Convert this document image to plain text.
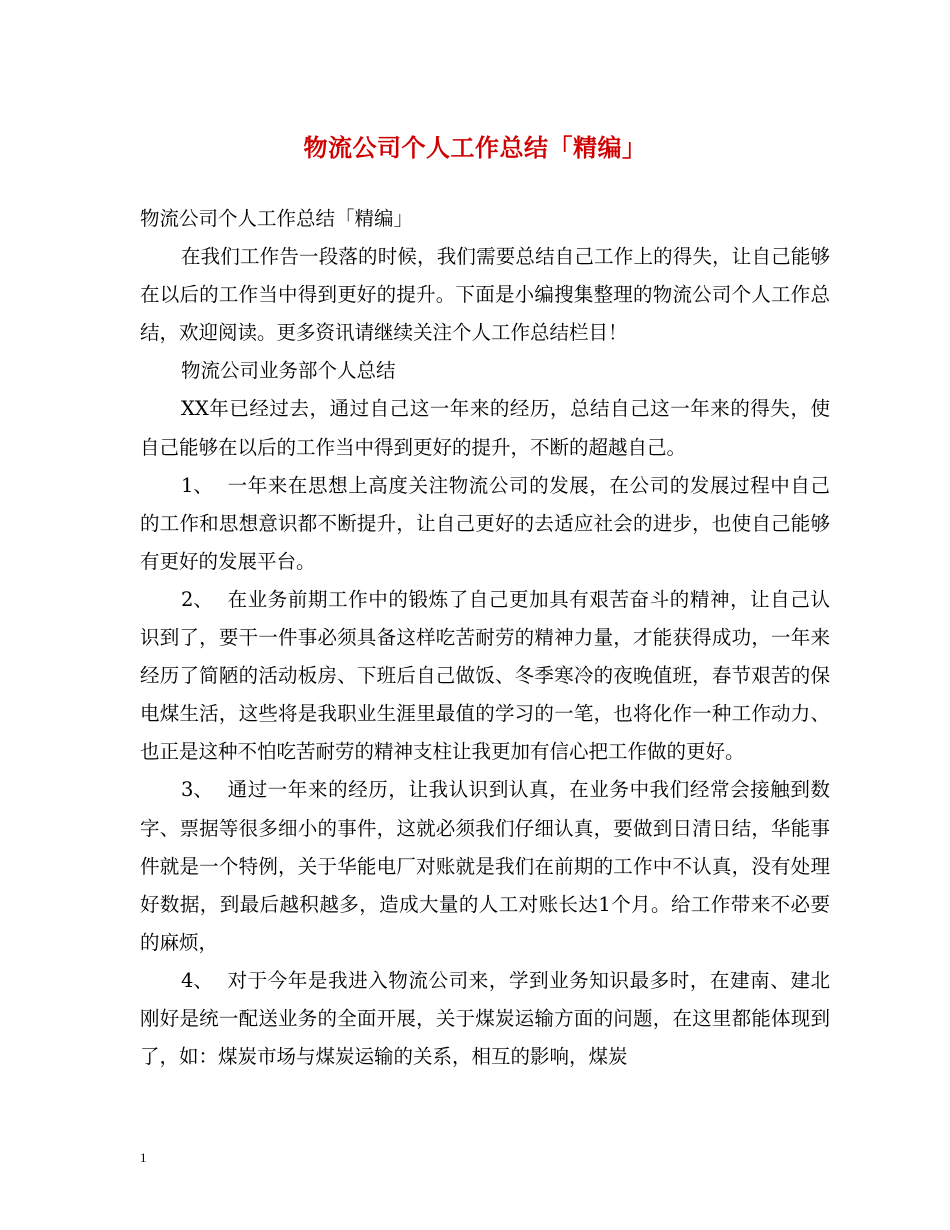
物流公司个人工作总结「精编」

物流公司个人工作总结「精编」

在我们工作告一段落的时候，我们需要总结自己工作上的得失，让自己能够在以后的工作当中得到更好的提升。下面是小编搜集整理的物流公司个人工作总结，欢迎阅读。更多资讯请继续关注个人工作总结栏目！

物流公司业务部个人总结

XX年已经过去，通过自己这一年来的经历，总结自己这一年来的得失，使自己能够在以后的工作当中得到更好的提升，不断的超越自己。

1、 一年来在思想上高度关注物流公司的发展，在公司的发展过程中自己的工作和思想意识都不断提升，让自己更好的去适应社会的进步，也使自己能够有更好的发展平台。

2、 在业务前期工作中的锻炼了自己更加具有艰苦奋斗的精神，让自己认识到了，要干一件事必须具备这样吃苦耐劳的精神力量，才能获得成功，一年来经历了简陋的活动板房、下班后自己做饭、冬季寒冷的夜晚值班，春节艰苦的保电煤生活，这些将是我职业生涯里最值的学习的一笔，也将化作一种工作动力、也正是这种不怕吃苦耐劳的精神支柱让我更加有信心把工作做的更好。

3、 通过一年来的经历，让我认识到认真，在业务中我们经常会接触到数字、票据等很多细小的事件，这就必须我们仔细认真，要做到日清日结，华能事件就是一个特例，关于华能电厂对账就是我们在前期的工作中不认真，没有处理好数据，到最后越积越多，造成大量的人工对账长达1个月。给工作带来不必要的麻烦，

4、 对于今年是我进入物流公司来，学到业务知识最多时，在建南、建北刚好是统一配送业务的全面开展，关于煤炭运输方面的问题，在这里都能体现到了，如：煤炭市场与煤炭运输的关系，相互的影响，煤炭

1
